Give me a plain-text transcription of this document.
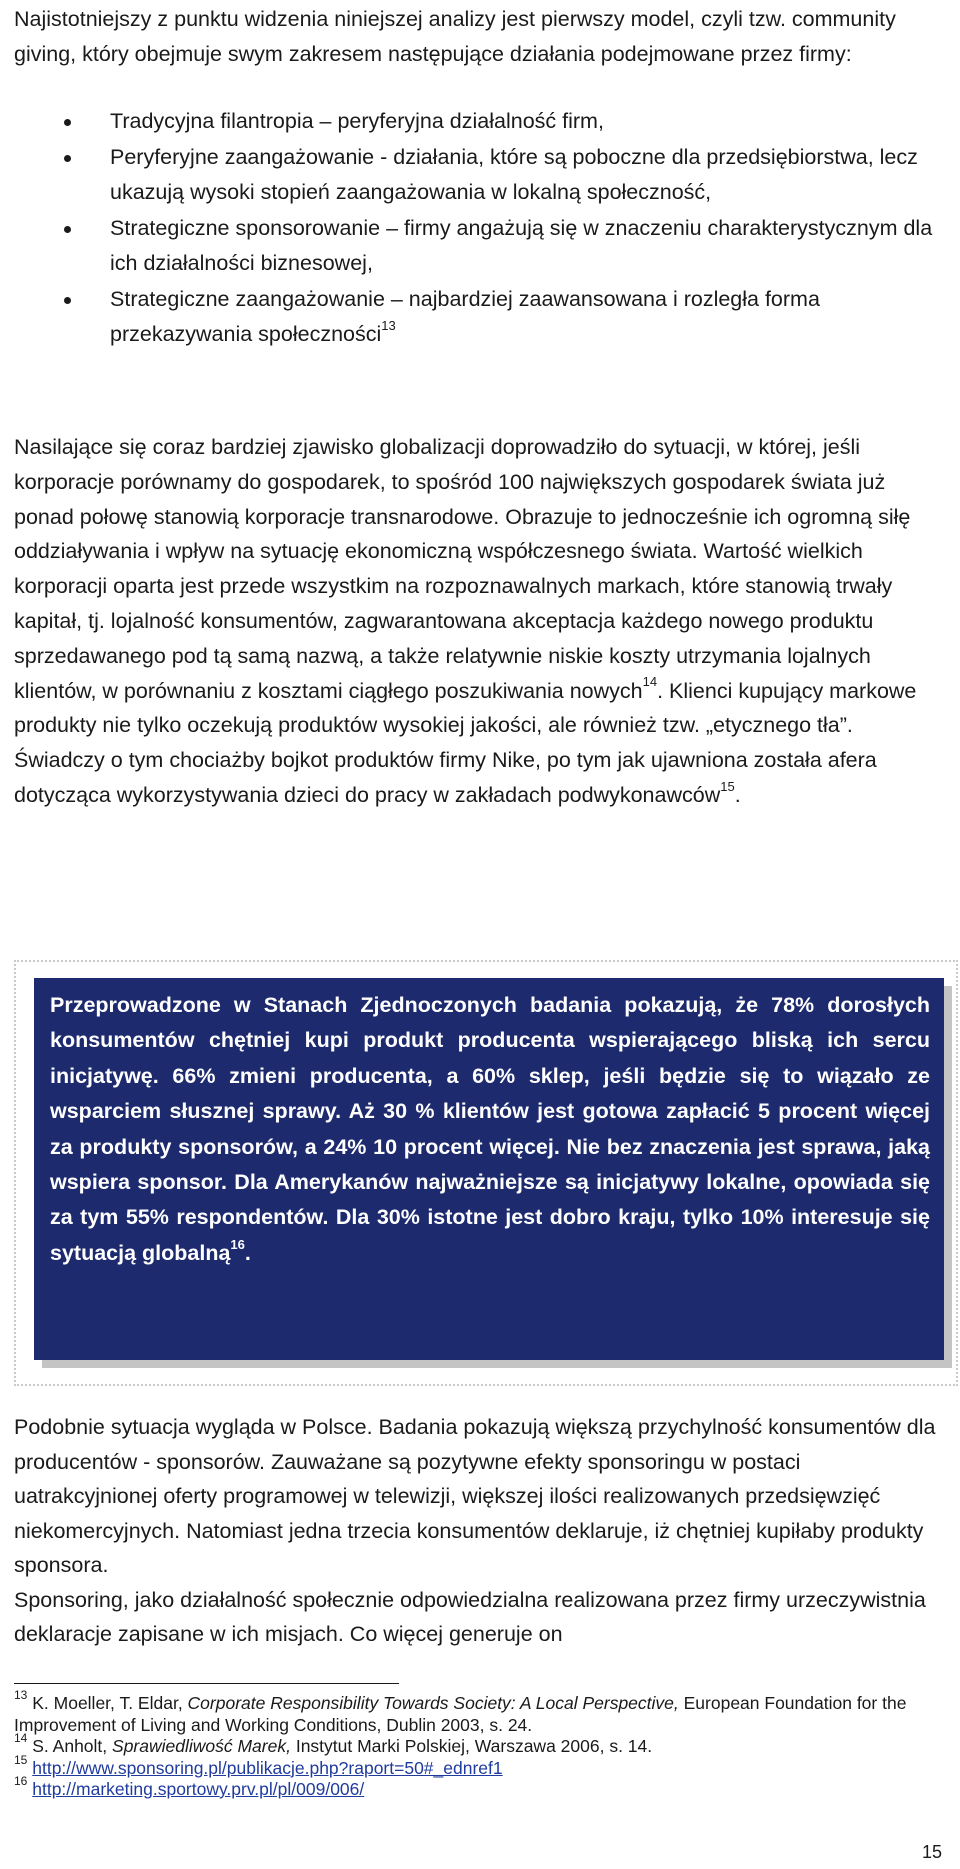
Najistotniejszy z punktu widzenia niniejszej analizy jest pierwszy model, czyli tzw. community giving, który obejmuje swym zakresem następujące działania podejmowane przez firmy:

Tradycyjna filantropia – peryferyjna działalność firm,
Peryferyjne zaangażowanie - działania, które są poboczne dla przedsiębiorstwa, lecz ukazują wysoki stopień zaangażowania w lokalną społeczność,
Strategiczne sponsorowanie – firmy angażują się w znaczeniu charakterystycznym dla ich działalności biznesowej,
Strategiczne zaangażowanie – najbardziej zaawansowana i rozległa forma przekazywania społeczności$^{13}$

Nasilające się coraz bardziej zjawisko globalizacji doprowadziło do sytuacji, w której, jeśli korporacje porównamy do gospodarek, to spośród 100 największych gospodarek świata już ponad połowę stanowią korporacje transnarodowe. Obrazuje to jednocześnie ich ogromną siłę oddziaływania i wpływ na sytuację ekonomiczną współczesnego świata. Wartość wielkich korporacji oparta jest przede wszystkim na rozpoznawalnych markach, które stanowią trwały kapitał, tj. lojalność konsumentów, zagwarantowana akceptacja każdego nowego produktu sprzedawanego pod tą samą nazwą, a także relatywnie niskie koszty utrzymania lojalnych klientów, w porównaniu z kosztami ciągłego poszukiwania nowych$^{14}$. Klienci kupujący markowe produkty nie tylko oczekują produktów wysokiej jakości, ale również tzw. „etycznego tła”. Świadczy o tym chociażby bojkot produktów firmy Nike, po tym jak ujawniona została afera dotycząca wykorzystywania dzieci do pracy w zakładach podwykonawców$^{15}$.

Przeprowadzone w Stanach Zjednoczonych badania pokazują, że 78% dorosłych konsumentów chętniej kupi produkt producenta wspierającego bliską ich sercu inicjatywę. 66% zmieni producenta, a 60% sklep, jeśli będzie się to wiązało ze wsparciem słusznej sprawy. Aż 30 % klientów jest gotowa zapłacić 5 procent więcej za produkty sponsorów, a 24% 10 procent więcej. Nie bez znaczenia jest sprawa, jaką wspiera sponsor. Dla Amerykanów najważniejsze są inicjatywy lokalne, opowiada się za tym 55% respondentów. Dla 30% istotne jest dobro kraju, tylko 10% interesuje się sytuacją globalną$^{16}$.

Podobnie sytuacja wygląda w Polsce. Badania pokazują większą przychylność konsumentów dla producentów - sponsorów. Zauważane są pozytywne efekty sponsoringu w postaci uatrakcyjnionej oferty programowej w telewizji, większej ilości realizowanych przedsięwzięć niekomercyjnych. Natomiast jedna trzecia konsumentów deklaruje, iż chętniej kupiłaby produkty sponsora.

Sponsoring, jako działalność społecznie odpowiedzialna realizowana przez firmy urzeczywistnia deklaracje zapisane w ich misjach. Co więcej generuje on

$^{13}$ K. Moeller, T. Eldar, Corporate Responsibility Towards Society: A Local Perspective, European Foundation for the Improvement of Living and Working Conditions, Dublin 2003, s. 24.

$^{14}$ S. Anholt, Sprawiedliwość Marek, Instytut Marki Polskiej, Warszawa 2006, s. 14.

$^{15}$ http://www.sponsoring.pl/publikacje.php?raport=50#_ednref1

$^{16}$ http://marketing.sportowy.prv.pl/pl/009/006/

15
